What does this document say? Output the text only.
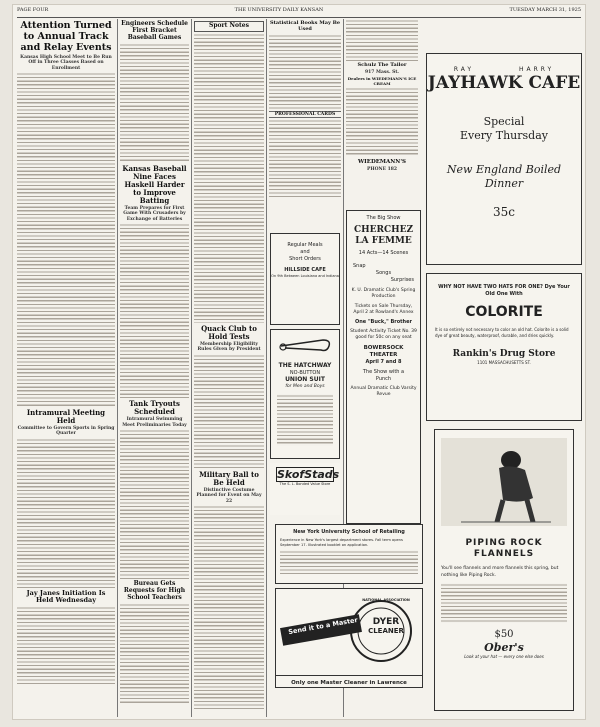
PAGE FOUR	THE UNIVERSITY DAILY KANSAN	TUESDAY MARCH 31, 1925
Attention Turned to Annual Track and Relay Events
Kansas High School Meet to Be Run Off in Three Classes Based on Enrollment
Intramural Meeting Held
Committee to Govern Sports in Spring Quarter
Jay Janes Initiation Is Held Wednesday
Engineers Schedule First Bracket Baseball Games
Kansas Baseball Nine Faces Haskell Harder to Improve Batting
Team Prepares for First Game With Crusaders by Exchange of Batteries
Tank Tryouts Scheduled
Intramural Swimming Meet Preliminaries Today
Bureau Gets Requests for High School Teachers
Sport Notes
Quack Club to Hold Tests
Membership Eligibility Rules Given by President
Military Ball to Be Held
Distinctive Costume Planned for Event on May 22
Statistical Books May Be Used
PROFESSIONAL CARDS
Schulz The Tailor
917 Mass. St.
Dealers in WIEDEMANN'S ICE CREAM
WIEDEMANN'S
PHONE 182
Regular Meals
and
Short Orders
HILLSIDE CAFE
On 9th Between Louisiana and Indiana
THE HATCHWAY
NO-BUTTON
UNION SUIT
for Men and Boys
SkofStads
The S. L. Bonded Value Store
The Big Show
CHERCHEZ LA FEMME
14 Acts—14 Scenes
Snap
Songs
Surprises
K. U. Dramatic Club's Spring Production
Tickets on Sale Thursday, April 2 at Rowland's Annex
One "Buck," Brother
Student Activity Ticket No. 39 good for 50c on any seat
BOWERSOCK THEATER
April 7 and 8
The Show with a
Punch
Annual Dramatic Club Varsity Revue
RAY HARRY
JAYHAWK CAFE
Special
Every Thursday
New England Boiled
Dinner
35c
WHY NOT HAVE TWO HATS FOR ONE? Dye Your Old One With
COLORITE
It is so entirely not necessary to color an old hat. Colorite is a solid dye of great beauty, waterproof, durable, and dries quickly.
Rankin's Drug Store
1101 MASSACHUSETTS ST.
PIPING ROCK
FLANNELS
You'll see flannels and more flannels this spring, but nothing like Piping Rock.
$50
Ober's
Look at your hat — every one else does
New York University School of Retailing
Experience in New York's largest department stores. Fall term opens September 17. Illustrated booklet on application.
Send it to a Master
NATIONAL ASSOCIATION
DYER
CLEANER
Only one Master Cleaner in Lawrence
